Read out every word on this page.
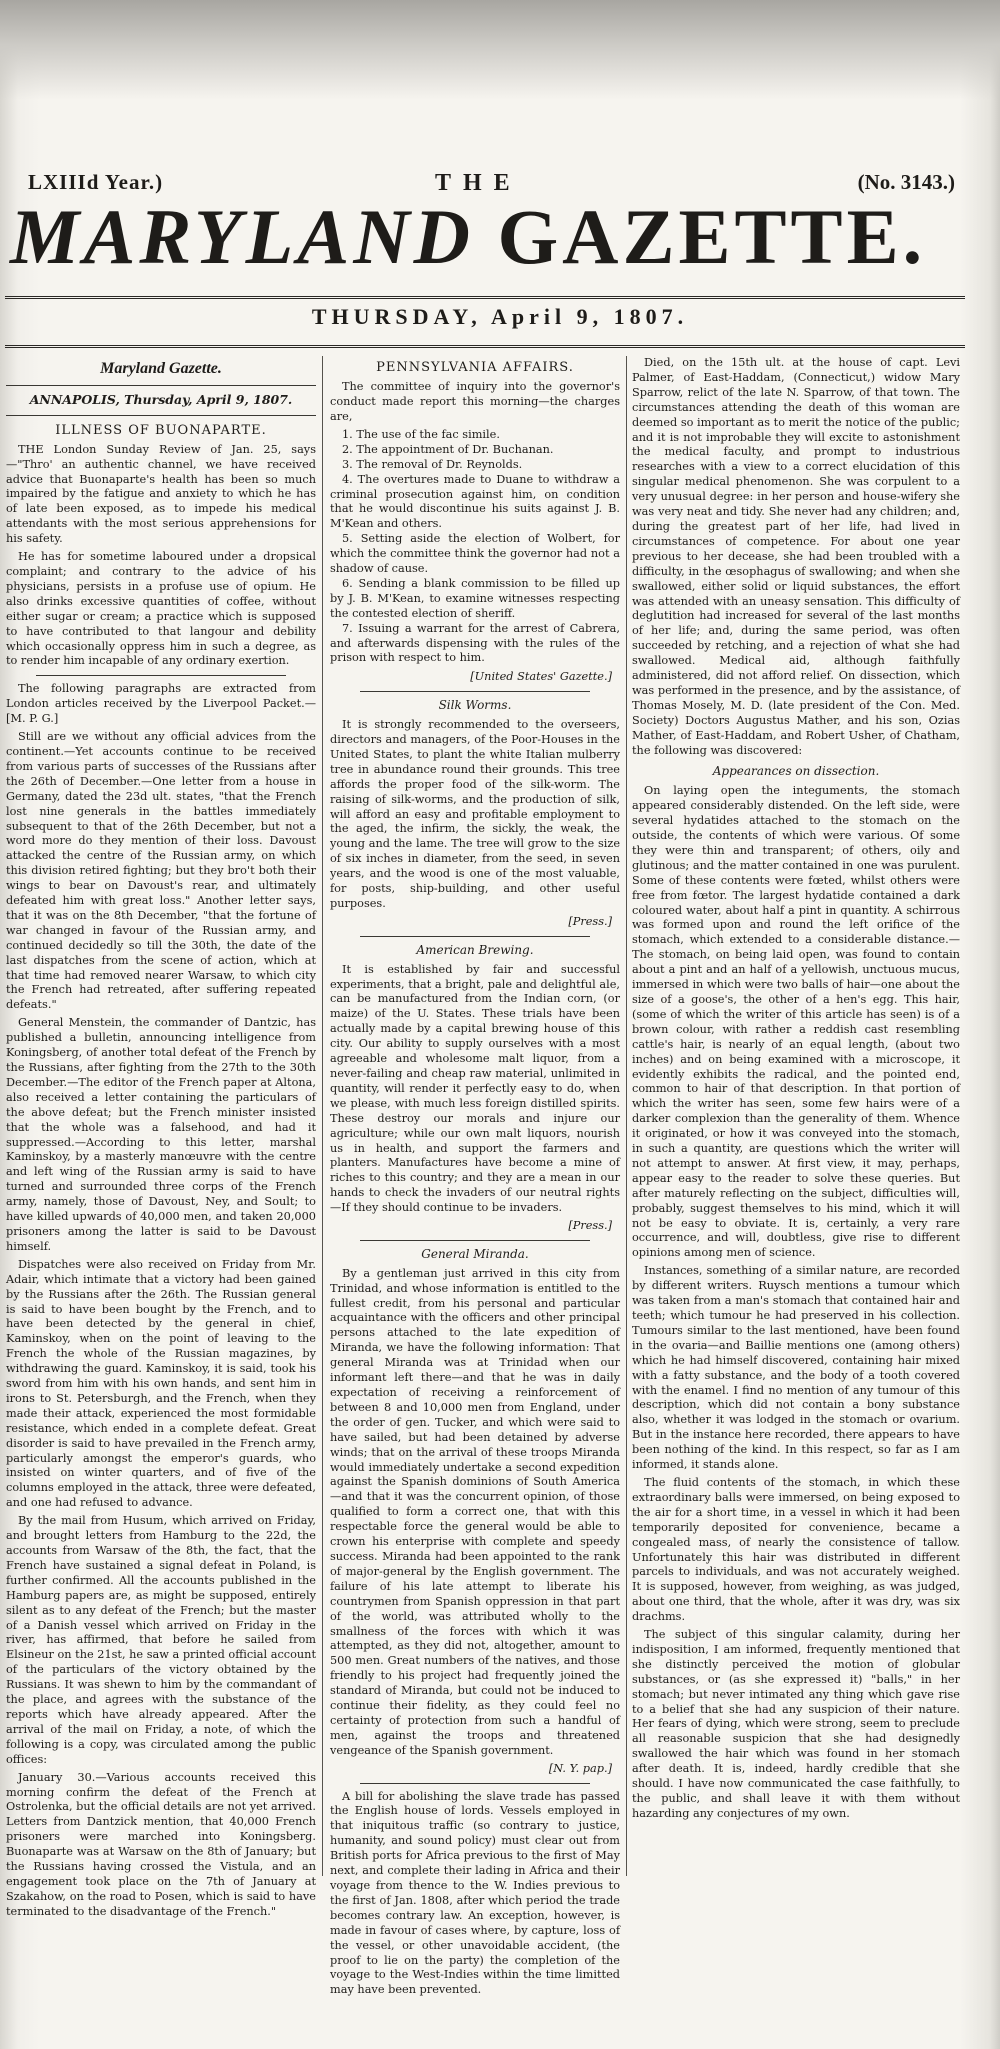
LXIIId Year.)	THE	(No. 3143.)
MARYLAND GAZETTE.
THURSDAY, April 9, 1807.
Maryland Gazette.
ANNAPOLIS, Thursday, April 9, 1807.
ILLNESS OF BUONAPARTE.

THE London Sunday Review of Jan. 25, says—"Thro' an authentic channel, we have received advice that Buonaparte's health has been so much impaired by the fatigue and anxiety to which he has of late been exposed, as to impede his medical attendants with the most serious apprehensions for his safety.

He has for sometime laboured under a dropsical complaint; and contrary to the advice of his physicians, persists in a profuse use of opium. He also drinks excessive quantities of coffee, without either sugar or cream; a practice which is supposed to have contributed to that langour and debility which occasionally oppress him in such a degree, as to render him incapable of any ordinary exertion.

The following paragraphs are extracted from London articles received by the Liverpool Packet.—[M. P. G.]

Still are we without any official advices from the continent.—Yet accounts continue to be received from various parts of successes of the Russians after the 26th of December.—One letter from a house in Germany, dated the 23d ult. states, "that the French lost nine generals in the battles immediately subsequent to that of the 26th December, but not a word more do they mention of their loss. Davoust attacked the centre of the Russian army, on which this division retired fighting; but they bro't both their wings to bear on Davoust's rear, and ultimately defeated him with great loss." Another letter says, that it was on the 8th December, "that the fortune of war changed in favour of the Russian army, and continued decidedly so till the 30th, the date of the last dispatches from the scene of action, which at that time had removed nearer Warsaw, to which city the French had retreated, after suffering repeated defeats."

General Menstein, the commander of Dantzic, has published a bulletin, announcing intelligence from Koningsberg, of another total defeat of the French by the Russians, after fighting from the 27th to the 30th December.—The editor of the French paper at Altona, also received a letter containing the particulars of the above defeat; but the French minister insisted that the whole was a falsehood, and had it suppressed.—According to this letter, marshal Kaminskoy, by a masterly manœuvre with the centre and left wing of the Russian army is said to have turned and surrounded three corps of the French army, namely, those of Davoust, Ney, and Soult; to have killed upwards of 40,000 men, and taken 20,000 prisoners among the latter is said to be Davoust himself.

Dispatches were also received on Friday from Mr. Adair, which intimate that a victory had been gained by the Russians after the 26th. The Russian general is said to have been bought by the French, and to have been detected by the general in chief, Kaminskoy, when on the point of leaving to the French the whole of the Russian magazines, by withdrawing the guard. Kaminskoy, it is said, took his sword from him with his own hands, and sent him in irons to St. Petersburgh, and the French, when they made their attack, experienced the most formidable resistance, which ended in a complete defeat. Great disorder is said to have prevailed in the French army, particularly amongst the emperor's guards, who insisted on winter quarters, and of five of the columns employed in the attack, three were defeated, and one had refused to advance.

By the mail from Husum, which arrived on Friday, and brought letters from Hamburg to the 22d, the accounts from Warsaw of the 8th, the fact, that the French have sustained a signal defeat in Poland, is further confirmed. All the accounts published in the Hamburg papers are, as might be supposed, entirely silent as to any defeat of the French; but the master of a Danish vessel which arrived on Friday in the river, has affirmed, that before he sailed from Elsineur on the 21st, he saw a printed official account of the particulars of the victory obtained by the Russians. It was shewn to him by the commandant of the place, and agrees with the substance of the reports which have already appeared. After the arrival of the mail on Friday, a note, of which the following is a copy, was circulated among the public offices:

January 30.—Various accounts received this morning confirm the defeat of the French at Ostrolenka, but the official details are not yet arrived. Letters from Dantzick mention, that 40,000 French prisoners were marched into Koningsberg. Buonaparte was at Warsaw on the 8th of January; but the Russians having crossed the Vistula, and an engagement took place on the 7th of January at Szakahow, on the road to Posen, which is said to have terminated to the disadvantage of the French."

PENNSYLVANIA AFFAIRS.

The committee of inquiry into the governor's conduct made report this morning—the charges are,

1. The use of the fac simile.
2. The appointment of Dr. Buchanan.
3. The removal of Dr. Reynolds.
4. The overtures made to Duane to withdraw a criminal prosecution against him, on condition that he would discontinue his suits against J. B. M'Kean and others.
5. Setting aside the election of Wolbert, for which the committee think the governor had not a shadow of cause.
6. Sending a blank commission to be filled up by J. B. M'Kean, to examine witnesses respecting the contested election of sheriff.
7. Issuing a warrant for the arrest of Cabrera, and afterwards dispensing with the rules of the prison with respect to him.
[United States' Gazette.]
Silk Worms.

It is strongly recommended to the overseers, directors and managers, of the Poor-Houses in the United States, to plant the white Italian mulberry tree in abundance round their grounds. This tree affords the proper food of the silk-worm. The raising of silk-worms, and the production of silk, will afford an easy and profitable employment to the aged, the infirm, the sickly, the weak, the young and the lame. The tree will grow to the size of six inches in diameter, from the seed, in seven years, and the wood is one of the most valuable, for posts, ship-building, and other useful purposes.

[Press.]
American Brewing.

It is established by fair and successful experiments, that a bright, pale and delightful ale, can be manufactured from the Indian corn, (or maize) of the U. States. These trials have been actually made by a capital brewing house of this city. Our ability to supply ourselves with a most agreeable and wholesome malt liquor, from a never-failing and cheap raw material, unlimited in quantity, will render it perfectly easy to do, when we please, with much less foreign distilled spirits. These destroy our morals and injure our agriculture; while our own malt liquors, nourish us in health, and support the farmers and planters. Manufactures have become a mine of riches to this country; and they are a mean in our hands to check the invaders of our neutral rights—If they should continue to be invaders.

[Press.]
General Miranda.

By a gentleman just arrived in this city from Trinidad, and whose information is entitled to the fullest credit, from his personal and particular acquaintance with the officers and other principal persons attached to the late expedition of Miranda, we have the following information: That general Miranda was at Trinidad when our informant left there—and that he was in daily expectation of receiving a reinforcement of between 8 and 10,000 men from England, under the order of gen. Tucker, and which were said to have sailed, but had been detained by adverse winds; that on the arrival of these troops Miranda would immediately undertake a second expedition against the Spanish dominions of South America—and that it was the concurrent opinion, of those qualified to form a correct one, that with this respectable force the general would be able to crown his enterprise with complete and speedy success. Miranda had been appointed to the rank of major-general by the English government. The failure of his late attempt to liberate his countrymen from Spanish oppression in that part of the world, was attributed wholly to the smallness of the forces with which it was attempted, as they did not, altogether, amount to 500 men. Great numbers of the natives, and those friendly to his project had frequently joined the standard of Miranda, but could not be induced to continue their fidelity, as they could feel no certainty of protection from such a handful of men, against the troops and threatened vengeance of the Spanish government.

[N. Y. pap.]

A bill for abolishing the slave trade has passed the English house of lords. Vessels employed in that iniquitous traffic (so contrary to justice, humanity, and sound policy) must clear out from British ports for Africa previous to the first of May next, and complete their lading in Africa and their voyage from thence to the W. Indies previous to the first of Jan. 1808, after which period the trade becomes contrary law. An exception, however, is made in favour of cases where, by capture, loss of the vessel, or other unavoidable accident, (the proof to lie on the party) the completion of the voyage to the West-Indies within the time limitted may have been prevented.

Died, on the 15th ult. at the house of capt. Levi Palmer, of East-Haddam, (Connecticut,) widow Mary Sparrow, relict of the late N. Sparrow, of that town. The circumstances attending the death of this woman are deemed so important as to merit the notice of the public; and it is not improbable they will excite to astonishment the medical faculty, and prompt to industrious researches with a view to a correct elucidation of this singular medical phenomenon. She was corpulent to a very unusual degree: in her person and house-wifery she was very neat and tidy. She never had any children; and, during the greatest part of her life, had lived in circumstances of competence. For about one year previous to her decease, she had been troubled with a difficulty, in the œsophagus of swallowing; and when she swallowed, either solid or liquid substances, the effort was attended with an uneasy sensation. This difficulty of deglutition had increased for several of the last months of her life; and, during the same period, was often succeeded by retching, and a rejection of what she had swallowed. Medical aid, although faithfully administered, did not afford relief. On dissection, which was performed in the presence, and by the assistance, of Thomas Mosely, M. D. (late president of the Con. Med. Society) Doctors Augustus Mather, and his son, Ozias Mather, of East-Haddam, and Robert Usher, of Chatham, the following was discovered:

Appearances on dissection.

On laying open the integuments, the stomach appeared considerably distended. On the left side, were several hydatides attached to the stomach on the outside, the contents of which were various. Of some they were thin and transparent; of others, oily and glutinous; and the matter contained in one was purulent. Some of these contents were fœted, whilst others were free from fœtor. The largest hydatide contained a dark coloured water, about half a pint in quantity. A schirrous was formed upon and round the left orifice of the stomach, which extended to a considerable distance.—The stomach, on being laid open, was found to contain about a pint and an half of a yellowish, unctuous mucus, immersed in which were two balls of hair—one about the size of a goose's, the other of a hen's egg. This hair, (some of which the writer of this article has seen) is of a brown colour, with rather a reddish cast resembling cattle's hair, is nearly of an equal length, (about two inches) and on being examined with a microscope, it evidently exhibits the radical, and the pointed end, common to hair of that description. In that portion of which the writer has seen, some few hairs were of a darker complexion than the generality of them. Whence it originated, or how it was conveyed into the stomach, in such a quantity, are questions which the writer will not attempt to answer. At first view, it may, perhaps, appear easy to the reader to solve these queries. But after maturely reflecting on the subject, difficulties will, probably, suggest themselves to his mind, which it will not be easy to obviate. It is, certainly, a very rare occurrence, and will, doubtless, give rise to different opinions among men of science.

Instances, something of a similar nature, are recorded by different writers. Ruysch mentions a tumour which was taken from a man's stomach that contained hair and teeth; which tumour he had preserved in his collection. Tumours similar to the last mentioned, have been found in the ovaria—and Baillie mentions one (among others) which he had himself discovered, containing hair mixed with a fatty substance, and the body of a tooth covered with the enamel. I find no mention of any tumour of this description, which did not contain a bony substance also, whether it was lodged in the stomach or ovarium. But in the instance here recorded, there appears to have been nothing of the kind. In this respect, so far as I am informed, it stands alone.

The fluid contents of the stomach, in which these extraordinary balls were immersed, on being exposed to the air for a short time, in a vessel in which it had been temporarily deposited for convenience, became a congealed mass, of nearly the consistence of tallow. Unfortunately this hair was distributed in different parcels to individuals, and was not accurately weighed. It is supposed, however, from weighing, as was judged, about one third, that the whole, after it was dry, was six drachms.

The subject of this singular calamity, during her indisposition, I am informed, frequently mentioned that she distinctly perceived the motion of globular substances, or (as she expressed it) "balls," in her stomach; but never intimated any thing which gave rise to a belief that she had any suspicion of their nature. Her fears of dying, which were strong, seem to preclude all reasonable suspicion that she had designedly swallowed the hair which was found in her stomach after death. It is, indeed, hardly credible that she should. I have now communicated the case faithfully, to the public, and shall leave it with them without hazarding any conjectures of my own.
